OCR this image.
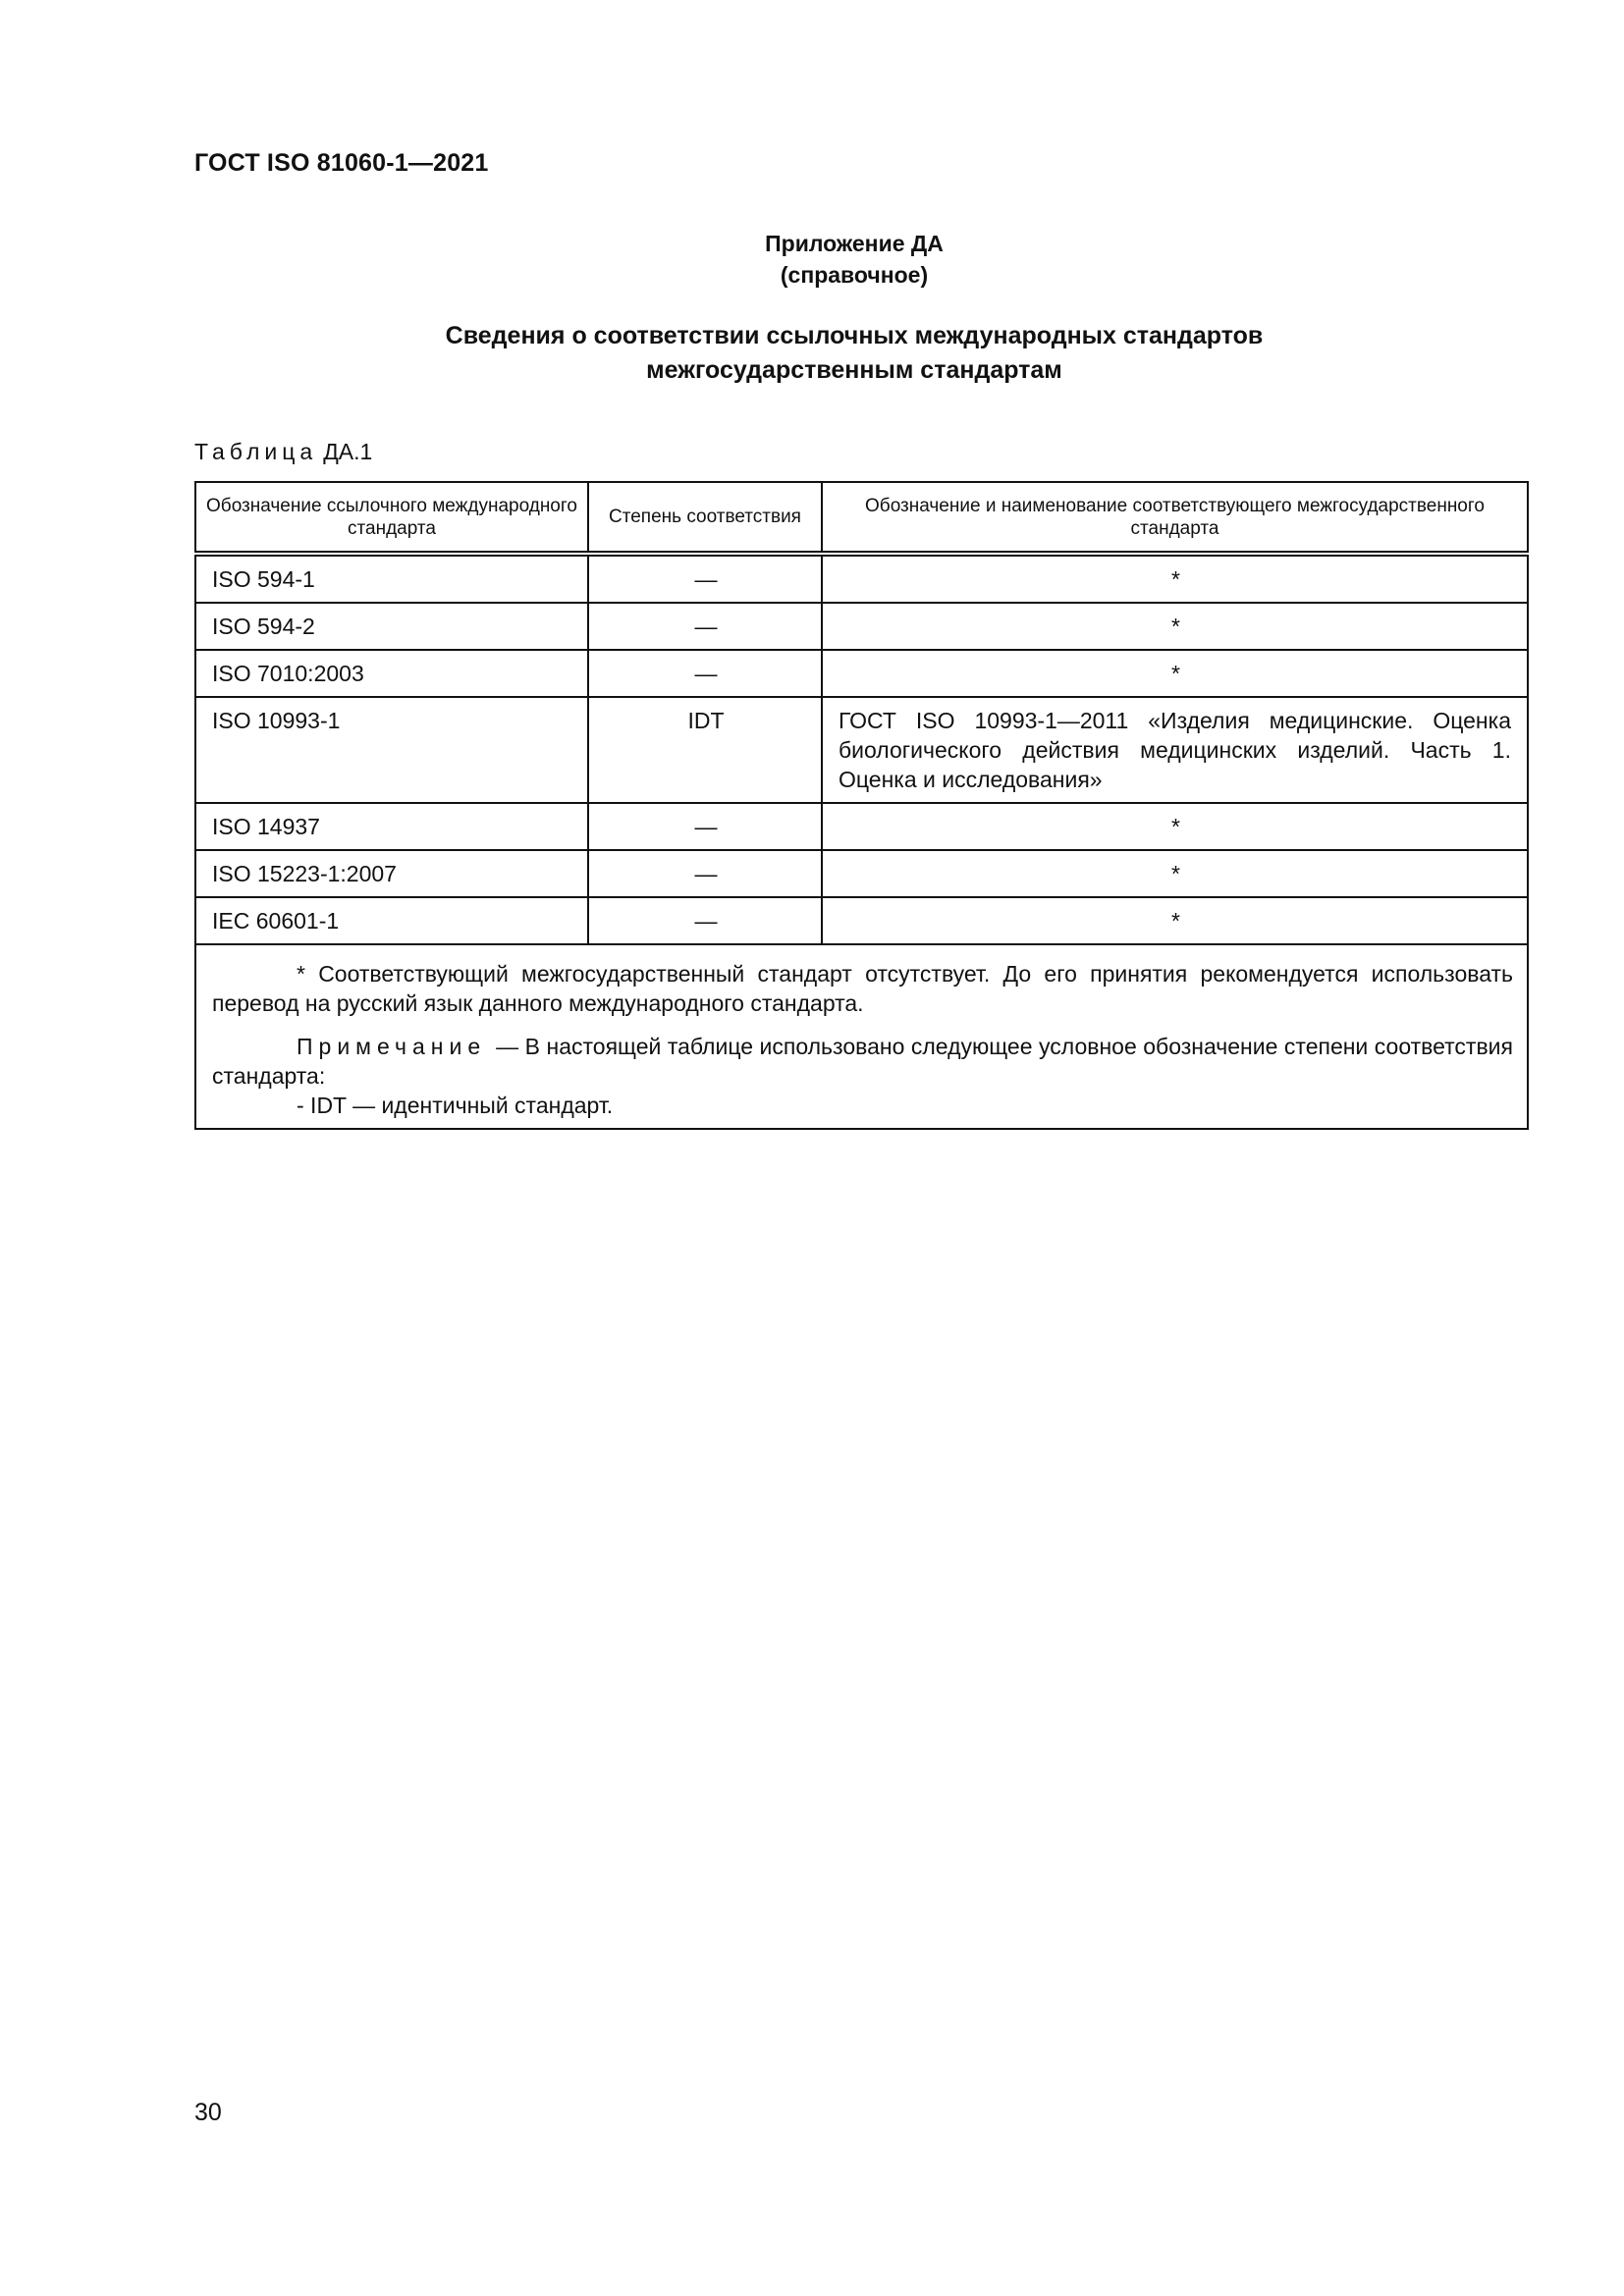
ГОСТ ISO 81060-1—2021
Приложение ДА
(справочное)
Сведения о соответствии ссылочных международных стандартов
межгосударственным стандартам
Таблица ДА.1
Обозначение ссылочного международного стандарта	Степень соответствия	Обозначение и наименование соответствующего межгосударственного стандарта
ISO 594-1	—	*
ISO 594-2	—	*
ISO 7010:2003	—	*
ISO 10993-1	IDT	ГОСТ ISO 10993-1—2011 «Изделия медицинские. Оценка биологического действия медицинских изделий. Часть 1. Оценка и исследования»
ISO 14937	—	*
ISO 15223-1:2007	—	*
IEC 60601-1	—	*

* Соответствующий межгосударственный стандарт отсутствует. До его принятия рекомендуется использовать перевод на русский язык данного международного стандарта.
Примечание — В настоящей таблице использовано следующее условное обозначение степени соответствия стандарта:
- IDT — идентичный стандарт.		
30
